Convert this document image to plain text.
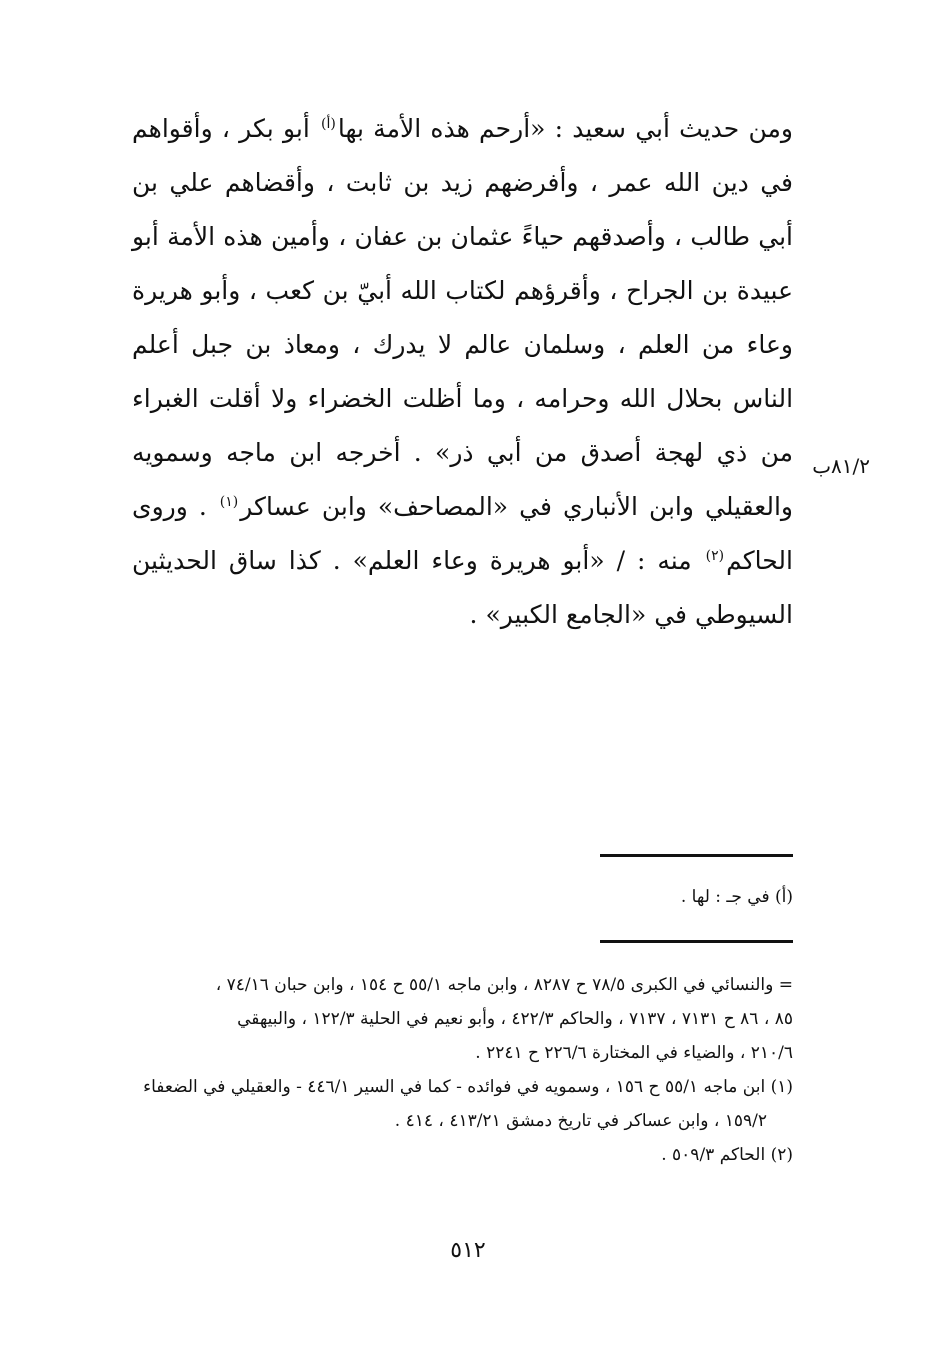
ومن حديث أبي سعيد : «أرحم هذه الأمة بها$^{(أ)}$ أبو بكر ، وأقواهم في دين الله عمر ، وأفرضهم زيد بن ثابت ، وأقضاهم علي بن أبي طالب ، وأصدقهم حياءً عثمان بن عفان ، وأمين هذه الأمة أبو عبيدة بن الجراح ، وأقرؤهم لكتاب الله أبيّ بن كعب ، وأبو هريرة وعاء من العلم ، وسلمان عالم لا يدرك ، ومعاذ بن جبل أعلم الناس بحلال الله وحرامه ، وما أظلت الخضراء ولا أقلت الغبراء من ذي لهجة أصدق من أبي ذر» . أخرجه ابن ماجه وسمويه والعقيلي وابن الأنباري في «المصاحف» وابن عساكر$^{(١)}$ . وروى الحاكم$^{(٢)}$ منه : / «أبو هريرة وعاء العلم» . كذا ساق الحديثين السيوطي في «الجامع الكبير» .

٨١/٢ب
(أ) في جـ : لها .

= والنسائي في الكبرى ٧٨/٥ ح ٨٢٨٧ ، وابن ماجه ٥٥/١ ح ١٥٤ ، وابن حبان ٧٤/١٦ ،

٨٥ ، ٨٦ ح ٧١٣١ ، ٧١٣٧ ، والحاكم ٤٢٢/٣ ، وأبو نعيم في الحلية ١٢٢/٣ ، والبيهقي

٢١٠/٦ ، والضياء في المختارة ٢٢٦/٦ ح ٢٢٤١ .

(١) ابن ماجه ٥٥/١ ح ١٥٦ ، وسمويه في فوائده - كما في السير ٤٤٦/١ - والعقيلي في الضعفاء

١٥٩/٢ ، وابن عساكر في تاريخ دمشق ٤١٣/٢١ ، ٤١٤ .

(٢) الحاكم ٥٠٩/٣ .

٥١٢
